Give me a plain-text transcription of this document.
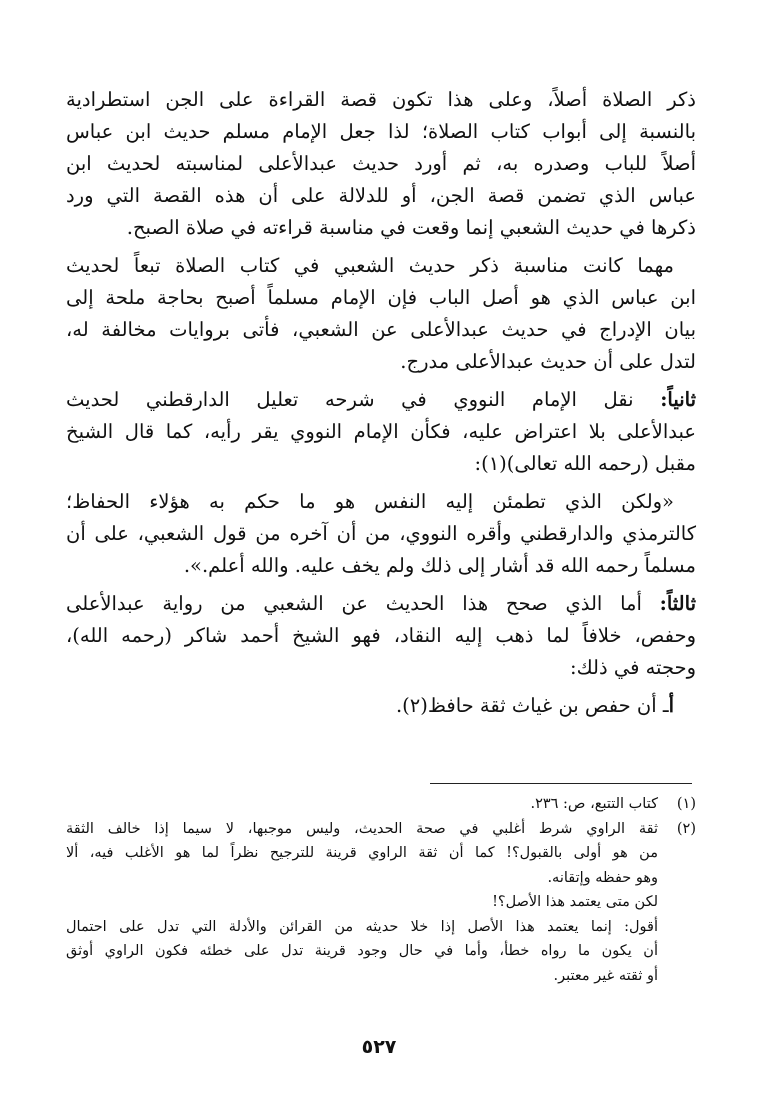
ذكر الصلاة أصلاً، وعلى هذا تكون قصة القراءة على الجن استطرادية
بالنسبة إلى أبواب كتاب الصلاة؛ لذا جعل الإمام مسلم حديث ابن عباس
أصلاً للباب وصدره به، ثم أورد حديث عبدالأعلى لمناسبته لحديث ابن
عباس الذي تضمن قصة الجن، أو للدلالة على أن هذه القصة التي ورد
ذكرها في حديث الشعبي إنما وقعت في مناسبة قراءته في صلاة الصبح.
مهما كانت مناسبة ذكر حديث الشعبي في كتاب الصلاة تبعاً لحديث
ابن عباس الذي هو أصل الباب فإن الإمام مسلماً أصبح بحاجة ملحة إلى
بيان الإدراج في حديث عبدالأعلى عن الشعبي، فأتى بروايات مخالفة له،
لتدل على أن حديث عبدالأعلى مدرج.
ثانياً: نقل الإمام النووي في شرحه تعليل الدارقطني لحديث
عبدالأعلى بلا اعتراض عليه، فكأن الإمام النووي يقر رأيه، كما قال الشيخ
مقبل (رحمه الله تعالى)(١):
«ولكن الذي تطمئن إليه النفس هو ما حكم به هؤلاء الحفاظ؛
كالترمذي والدارقطني وأقره النووي، من أن آخره من قول الشعبي، على أن
مسلماً رحمه الله قد أشار إلى ذلك ولم يخف عليه. والله أعلم.».
ثالثاً: أما الذي صحح هذا الحديث عن الشعبي من رواية عبدالأعلى
وحفص، خلافاً لما ذهب إليه النقاد، فهو الشيخ أحمد شاكر (رحمه الله)،
وحجته في ذلك:
أـ أن حفص بن غياث ثقة حافظ(٢).
(١)
كتاب التتبع، ص: ٢٣٦.
(٢)
ثقة الراوي شرط أغلبي في صحة الحديث، وليس موجبها، لا سيما إذا خالف الثقة
من هو أولى بالقبول؟! كما أن ثقة الراوي قرينة للترجيح نظراً لما هو الأغلب فيه، ألا
وهو حفظه وإتقانه.
لكن متى يعتمد هذا الأصل؟!
أقول: إنما يعتمد هذا الأصل إذا خلا حديثه من القرائن والأدلة التي تدل على احتمال
أن يكون ما رواه خطأ، وأما في حال وجود قرينة تدل على خطئه فكون الراوي أوثق
أو ثقته غير معتبر.
٥٢٧
